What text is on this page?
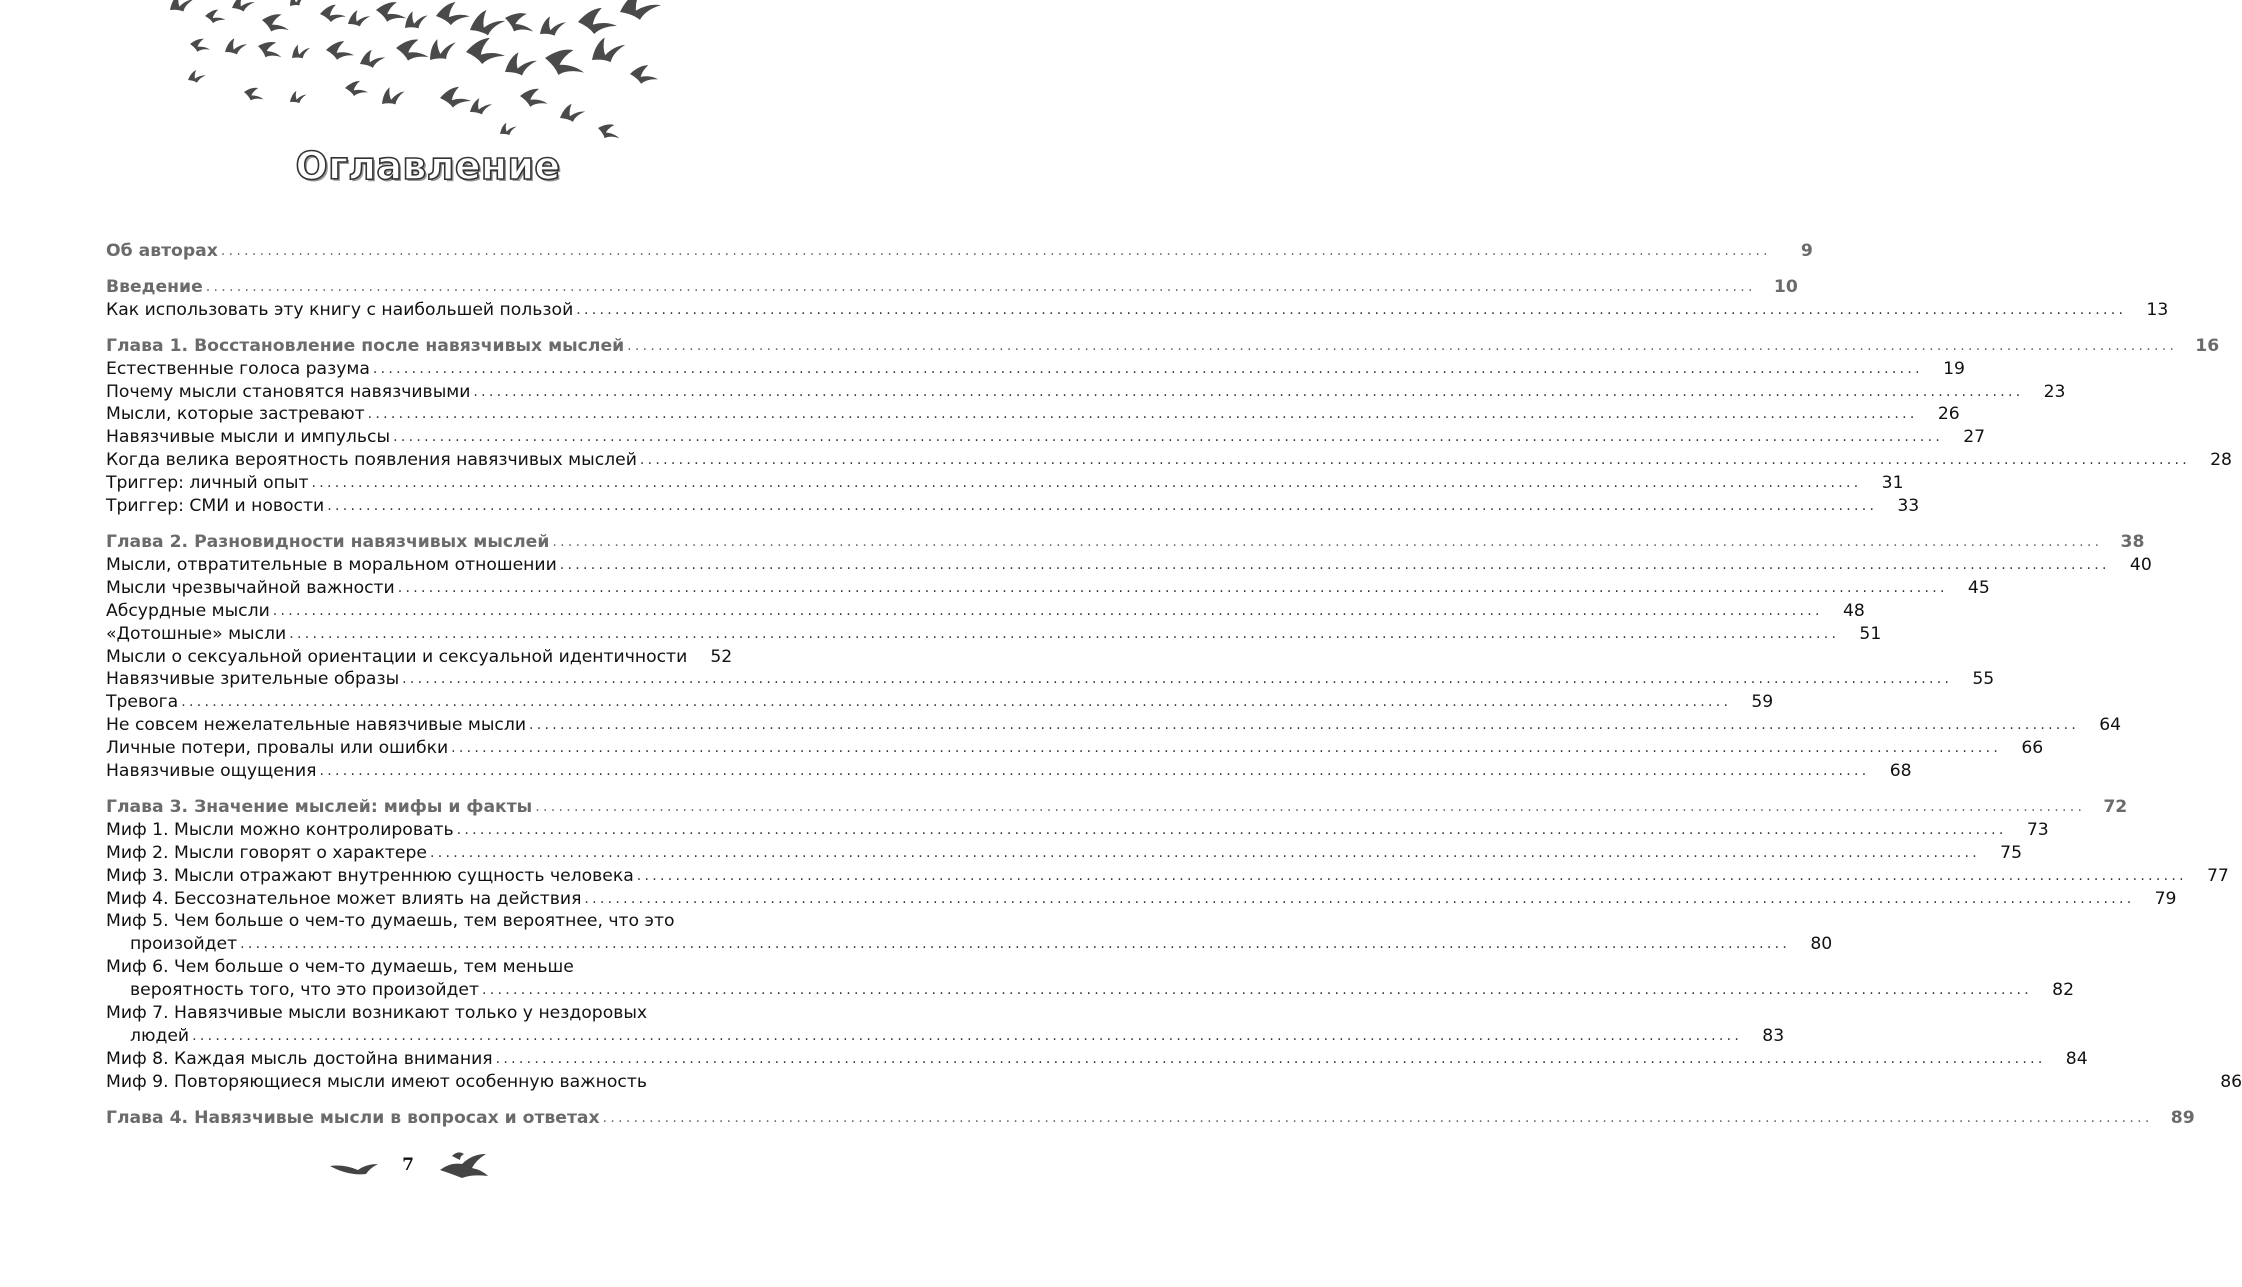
Оглавление
Об авторах ........................................................................................................................................................................................................	9
Введение ........................................................................................................................................................................................................	10
Как использовать эту книгу с наибольшей пользой ........................................................................................................................................................................................................	13
Глава 1. Восстановление после навязчивых мыслей ........................................................................................................................................................................................................	16
Естественные голоса разума ........................................................................................................................................................................................................	19
Почему мысли становятся навязчивыми ........................................................................................................................................................................................................	23
Мысли, которые застревают ........................................................................................................................................................................................................	26
Навязчивые мысли и импульсы ........................................................................................................................................................................................................	27
Когда велика вероятность появления навязчивых мыслей ........................................................................................................................................................................................................	28
Триггер: личный опыт ........................................................................................................................................................................................................	31
Триггер: СМИ и новости ........................................................................................................................................................................................................	33
Глава 2. Разновидности навязчивых мыслей ........................................................................................................................................................................................................	38
Мысли, отвратительные в моральном отношении ........................................................................................................................................................................................................	40
Мысли чрезвычайной важности ........................................................................................................................................................................................................	45
Абсурдные мысли ........................................................................................................................................................................................................	48
«Дотошные» мысли ........................................................................................................................................................................................................	51
Мысли о сексуальной ориентации и сексуальной идентичности	52
Навязчивые зрительные образы ........................................................................................................................................................................................................	55
Тревога ........................................................................................................................................................................................................	59
Не совсем нежелательные навязчивые мысли ........................................................................................................................................................................................................	64
Личные потери, провалы или ошибки ........................................................................................................................................................................................................	66
Навязчивые ощущения ........................................................................................................................................................................................................	68
Глава 3. Значение мыслей: мифы и факты ........................................................................................................................................................................................................	72
Миф 1. Мысли можно контролировать ........................................................................................................................................................................................................	73
Миф 2. Мысли говорят о характере ........................................................................................................................................................................................................	75
Миф 3. Мысли отражают внутреннюю сущность человека ........................................................................................................................................................................................................	77
Миф 4. Бессознательное может влиять на действия ........................................................................................................................................................................................................	79
Миф 5. Чем больше о чем-то думаешь, тем вероятнее, что это
произойдет ........................................................................................................................................................................................................	80
Миф 6. Чем больше о чем-то думаешь, тем меньше
вероятность того, что это произойдет ........................................................................................................................................................................................................	82
Миф 7. Навязчивые мысли возникают только у нездоровых
людей ........................................................................................................................................................................................................	83
Миф 8. Каждая мысль достойна внимания ........................................................................................................................................................................................................	84
Миф 9. Повторяющиеся мысли имеют особенную важность	86
Глава 4. Навязчивые мысли в вопросах и ответах ........................................................................................................................................................................................................	89
7
